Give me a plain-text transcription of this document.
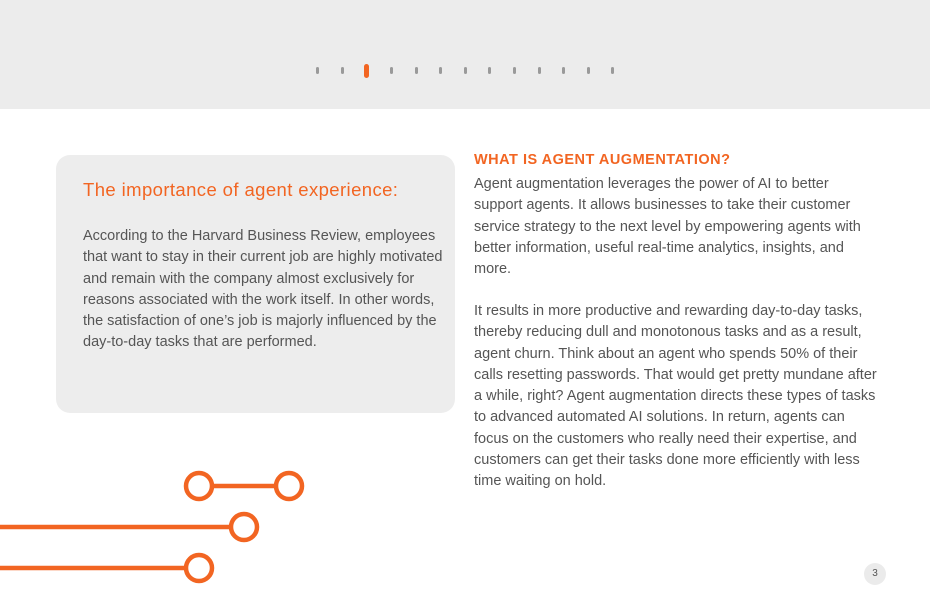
The importance of agent experience:

According to the Harvard Business Review, employees that want to stay in their current job are highly motivated and remain with the company almost exclusively for reasons associated with the work itself. In other words, the satisfaction of one’s job is majorly influenced by the day-to-day tasks that are performed.

WHAT IS AGENT AUGMENTATION?

Agent augmentation leverages the power of AI to better support agents. It allows businesses to take their customer service strategy to the next level by empowering agents with better information, useful real-time analytics, insights, and more.

It results in more productive and rewarding day-to-day tasks, thereby reducing dull and monotonous tasks and as a result, agent churn. Think about an agent who spends 50% of their calls resetting passwords. That would get pretty mundane after a while, right? Agent augmentation directs these types of tasks to advanced automated AI solutions. In return, agents can focus on the customers who really need their expertise, and customers can get their tasks done more efficiently with less time waiting on hold.

3
